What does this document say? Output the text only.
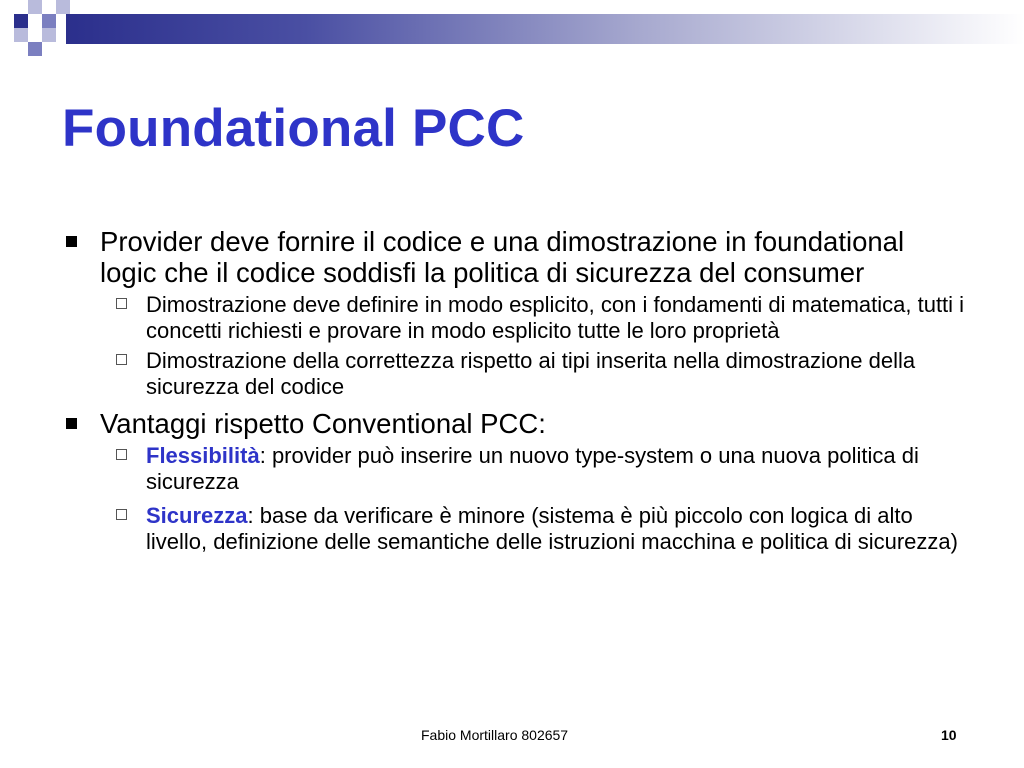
Foundational PCC
Provider deve fornire il codice e una dimostrazione in foundational logic che il codice soddisfi la politica di sicurezza del consumer
Dimostrazione deve definire in modo esplicito, con i fondamenti di matematica, tutti i concetti richiesti e provare in modo esplicito tutte le loro proprietà
Dimostrazione della correttezza rispetto ai tipi inserita nella dimostrazione della sicurezza del codice
Vantaggi rispetto Conventional PCC:
Flessibilità: provider può inserire un nuovo type-system o una nuova politica di sicurezza
Sicurezza: base da verificare è minore (sistema è più piccolo con logica di alto livello, definizione delle semantiche delle istruzioni macchina e politica di sicurezza)
Fabio Mortillaro 802657	10
